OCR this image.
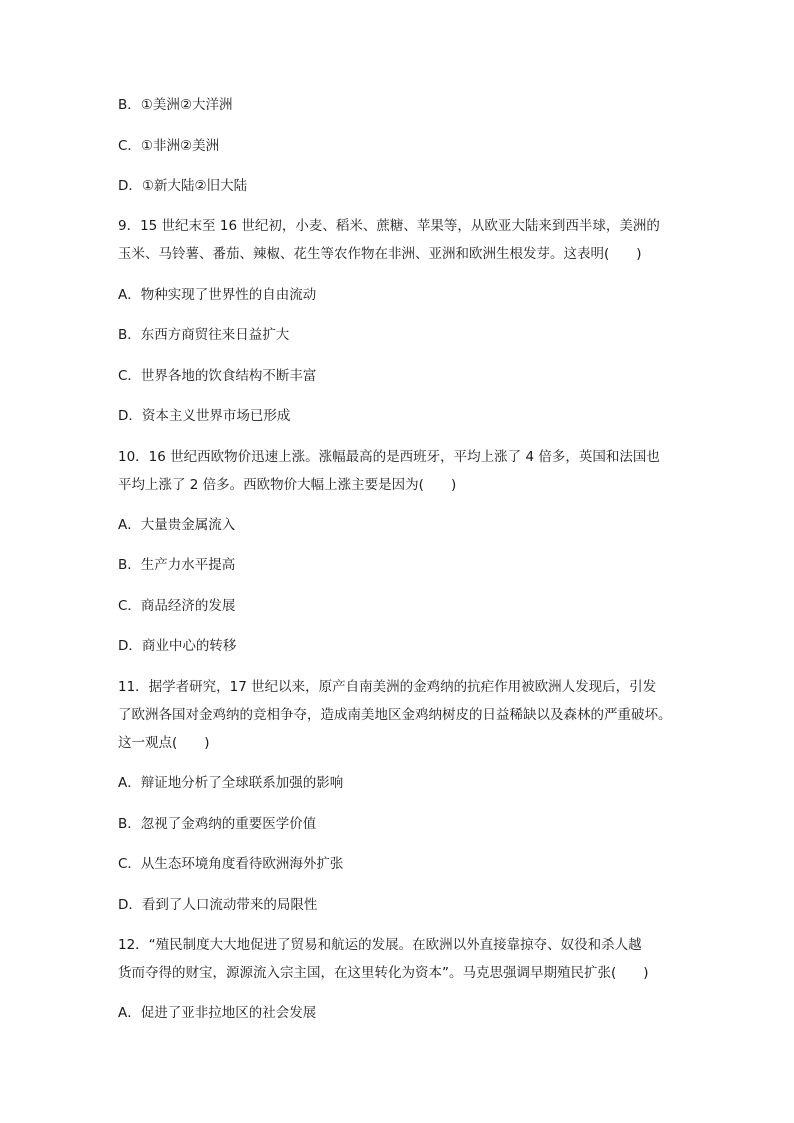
B．①美洲②大洋洲
C．①非洲②美洲
D．①新大陆②旧大陆
9．15 世纪末至 16 世纪初，小麦、稻米、蔗糖、苹果等，从欧亚大陆来到西半球，美洲的
玉米、马铃薯、番茄、辣椒、花生等农作物在非洲、亚洲和欧洲生根发芽。这表明(　　)
A．物种实现了世界性的自由流动
B．东西方商贸往来日益扩大
C．世界各地的饮食结构不断丰富
D．资本主义世界市场已形成
10．16 世纪西欧物价迅速上涨。涨幅最高的是西班牙，平均上涨了 4 倍多，英国和法国也
平均上涨了 2 倍多。西欧物价大幅上涨主要是因为(　　)
A．大量贵金属流入
B．生产力水平提高
C．商品经济的发展
D．商业中心的转移
11．据学者研究，17 世纪以来，原产自南美洲的金鸡纳的抗疟作用被欧洲人发现后，引发
了欧洲各国对金鸡纳的竞相争夺，造成南美地区金鸡纳树皮的日益稀缺以及森林的严重破坏。
这一观点(　　)
A．辩证地分析了全球联系加强的影响
B．忽视了金鸡纳的重要医学价值
C．从生态环境角度看待欧洲海外扩张
D．看到了人口流动带来的局限性
12．“殖民制度大大地促进了贸易和航运的发展。在欧洲以外直接靠掠夺、奴役和杀人越
货而夺得的财宝，源源流入宗主国，在这里转化为资本”。马克思强调早期殖民扩张(　　)
A．促进了亚非拉地区的社会发展
